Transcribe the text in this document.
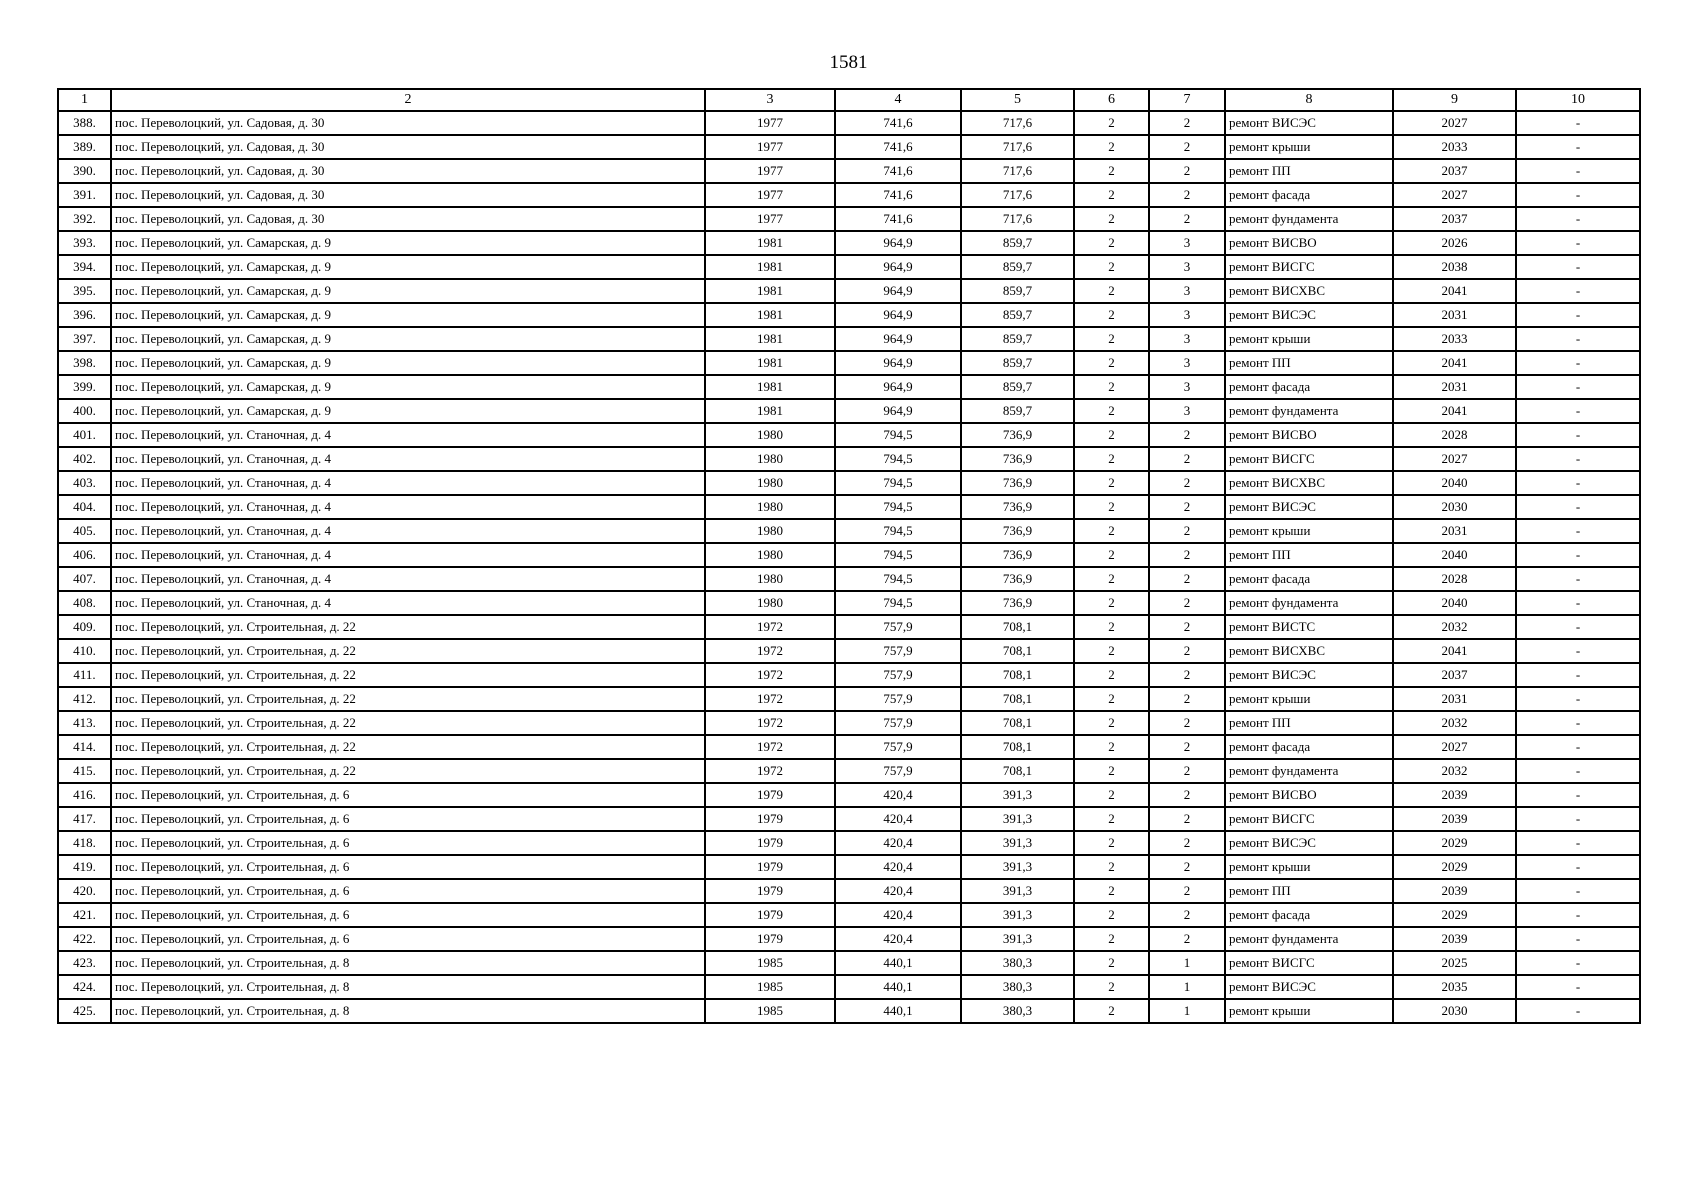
1581
1	2	3	4	5	6	7	8	9	10
388.	пос. Переволоцкий, ул. Садовая, д. 30	1977	741,6	717,6	2	2	ремонт ВИСЭС	2027	-
389.	пос. Переволоцкий, ул. Садовая, д. 30	1977	741,6	717,6	2	2	ремонт крыши	2033	-
390.	пос. Переволоцкий, ул. Садовая, д. 30	1977	741,6	717,6	2	2	ремонт ПП	2037	-
391.	пос. Переволоцкий, ул. Садовая, д. 30	1977	741,6	717,6	2	2	ремонт фасада	2027	-
392.	пос. Переволоцкий, ул. Садовая, д. 30	1977	741,6	717,6	2	2	ремонт фундамента	2037	-
393.	пос. Переволоцкий, ул. Самарская, д. 9	1981	964,9	859,7	2	3	ремонт ВИСВО	2026	-
394.	пос. Переволоцкий, ул. Самарская, д. 9	1981	964,9	859,7	2	3	ремонт ВИСГС	2038	-
395.	пос. Переволоцкий, ул. Самарская, д. 9	1981	964,9	859,7	2	3	ремонт ВИСХВС	2041	-
396.	пос. Переволоцкий, ул. Самарская, д. 9	1981	964,9	859,7	2	3	ремонт ВИСЭС	2031	-
397.	пос. Переволоцкий, ул. Самарская, д. 9	1981	964,9	859,7	2	3	ремонт крыши	2033	-
398.	пос. Переволоцкий, ул. Самарская, д. 9	1981	964,9	859,7	2	3	ремонт ПП	2041	-
399.	пос. Переволоцкий, ул. Самарская, д. 9	1981	964,9	859,7	2	3	ремонт фасада	2031	-
400.	пос. Переволоцкий, ул. Самарская, д. 9	1981	964,9	859,7	2	3	ремонт фундамента	2041	-
401.	пос. Переволоцкий, ул. Станочная, д. 4	1980	794,5	736,9	2	2	ремонт ВИСВО	2028	-
402.	пос. Переволоцкий, ул. Станочная, д. 4	1980	794,5	736,9	2	2	ремонт ВИСГС	2027	-
403.	пос. Переволоцкий, ул. Станочная, д. 4	1980	794,5	736,9	2	2	ремонт ВИСХВС	2040	-
404.	пос. Переволоцкий, ул. Станочная, д. 4	1980	794,5	736,9	2	2	ремонт ВИСЭС	2030	-
405.	пос. Переволоцкий, ул. Станочная, д. 4	1980	794,5	736,9	2	2	ремонт крыши	2031	-
406.	пос. Переволоцкий, ул. Станочная, д. 4	1980	794,5	736,9	2	2	ремонт ПП	2040	-
407.	пос. Переволоцкий, ул. Станочная, д. 4	1980	794,5	736,9	2	2	ремонт фасада	2028	-
408.	пос. Переволоцкий, ул. Станочная, д. 4	1980	794,5	736,9	2	2	ремонт фундамента	2040	-
409.	пос. Переволоцкий, ул. Строительная, д. 22	1972	757,9	708,1	2	2	ремонт ВИСТС	2032	-
410.	пос. Переволоцкий, ул. Строительная, д. 22	1972	757,9	708,1	2	2	ремонт ВИСХВС	2041	-
411.	пос. Переволоцкий, ул. Строительная, д. 22	1972	757,9	708,1	2	2	ремонт ВИСЭС	2037	-
412.	пос. Переволоцкий, ул. Строительная, д. 22	1972	757,9	708,1	2	2	ремонт крыши	2031	-
413.	пос. Переволоцкий, ул. Строительная, д. 22	1972	757,9	708,1	2	2	ремонт ПП	2032	-
414.	пос. Переволоцкий, ул. Строительная, д. 22	1972	757,9	708,1	2	2	ремонт фасада	2027	-
415.	пос. Переволоцкий, ул. Строительная, д. 22	1972	757,9	708,1	2	2	ремонт фундамента	2032	-
416.	пос. Переволоцкий, ул. Строительная, д. 6	1979	420,4	391,3	2	2	ремонт ВИСВО	2039	-
417.	пос. Переволоцкий, ул. Строительная, д. 6	1979	420,4	391,3	2	2	ремонт ВИСГС	2039	-
418.	пос. Переволоцкий, ул. Строительная, д. 6	1979	420,4	391,3	2	2	ремонт ВИСЭС	2029	-
419.	пос. Переволоцкий, ул. Строительная, д. 6	1979	420,4	391,3	2	2	ремонт крыши	2029	-
420.	пос. Переволоцкий, ул. Строительная, д. 6	1979	420,4	391,3	2	2	ремонт ПП	2039	-
421.	пос. Переволоцкий, ул. Строительная, д. 6	1979	420,4	391,3	2	2	ремонт фасада	2029	-
422.	пос. Переволоцкий, ул. Строительная, д. 6	1979	420,4	391,3	2	2	ремонт фундамента	2039	-
423.	пос. Переволоцкий, ул. Строительная, д. 8	1985	440,1	380,3	2	1	ремонт ВИСГС	2025	-
424.	пос. Переволоцкий, ул. Строительная, д. 8	1985	440,1	380,3	2	1	ремонт ВИСЭС	2035	-
425.	пос. Переволоцкий, ул. Строительная, д. 8	1985	440,1	380,3	2	1	ремонт крыши	2030	-
